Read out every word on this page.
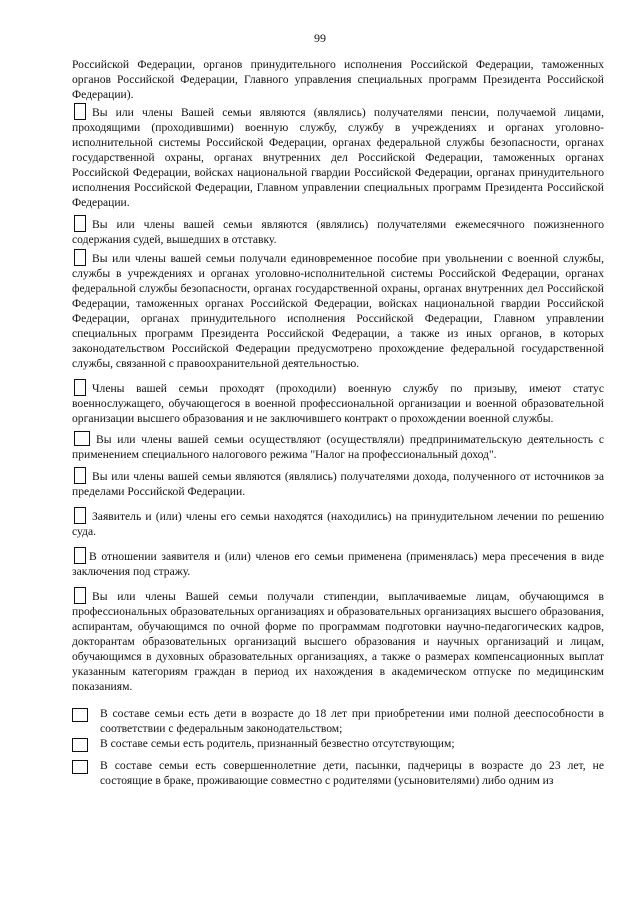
99

Российской Федерации, органов принудительного исполнения Российской Федерации, таможенных органов Российской Федерации, Главного управления специальных программ Президента Российской Федерации).

Вы или члены Вашей семьи являются (являлись) получателями пенсии, получаемой лицами, проходящими (проходившими) военную службу, службу в учреждениях и органах уголовно-исполнительной системы Российской Федерации, органах федеральной службы безопасности, органах государственной охраны, органах внутренних дел Российской Федерации, таможенных органах Российской Федерации, войсках национальной гвардии Российской Федерации, органах принудительного исполнения Российской Федерации, Главном управлении специальных программ Президента Российской Федерации.

Вы или члены вашей семьи являются (являлись) получателями ежемесячного пожизненного содержания судей, вышедших в отставку.

Вы или члены вашей семьи получали единовременное пособие при увольнении с военной службы, службы в учреждениях и органах уголовно-исполнительной системы Российской Федерации, органах федеральной службы безопасности, органах государственной охраны, органах внутренних дел Российской Федерации, таможенных органах Российской Федерации, войсках национальной гвардии Российской Федерации, органах принудительного исполнения Российской Федерации, Главном управлении специальных программ Президента Российской Федерации, а также из иных органов, в которых законодательством Российской Федерации предусмотрено прохождение федеральной государственной службы, связанной с правоохранительной деятельностью.

Члены вашей семьи проходят (проходили) военную службу по призыву, имеют статус военнослужащего, обучающегося в военной профессиональной организации и военной образовательной организации высшего образования и не заключившего контракт о прохождении военной службы.

Вы или члены вашей семьи осуществляют (осуществляли) предпринимательскую деятельность с применением специального налогового режима "Налог на профессиональный доход".

Вы или члены вашей семьи являются (являлись) получателями дохода, полученного от источников за пределами Российской Федерации.

Заявитель и (или) члены его семьи находятся (находились) на принудительном лечении по решению суда.

В отношении заявителя и (или) членов его семьи применена (применялась) мера пресечения в виде заключения под стражу.

Вы или члены Вашей семьи получали стипендии, выплачиваемые лицам, обучающимся в профессиональных образовательных организациях и образовательных организациях высшего образования, аспирантам, обучающимся по очной форме по программам подготовки научно-педагогических кадров, докторантам образовательных организаций высшего образования и научных организаций и лицам, обучающимся в духовных образовательных организациях, а также о размерах компенсационных выплат указанным категориям граждан в период их нахождения в академическом отпуске по медицинским показаниям.

В составе семьи есть дети в возрасте до 18 лет при приобретении ими полной дееспособности в соответствии с федеральным законодательством;
В составе семьи есть родитель, признанный безвестно отсутствующим;
В составе семьи есть совершеннолетние дети, пасынки, падчерицы в возрасте до 23 лет, не состоящие в браке, проживающие совместно с родителями (усыновителями) либо одним из
